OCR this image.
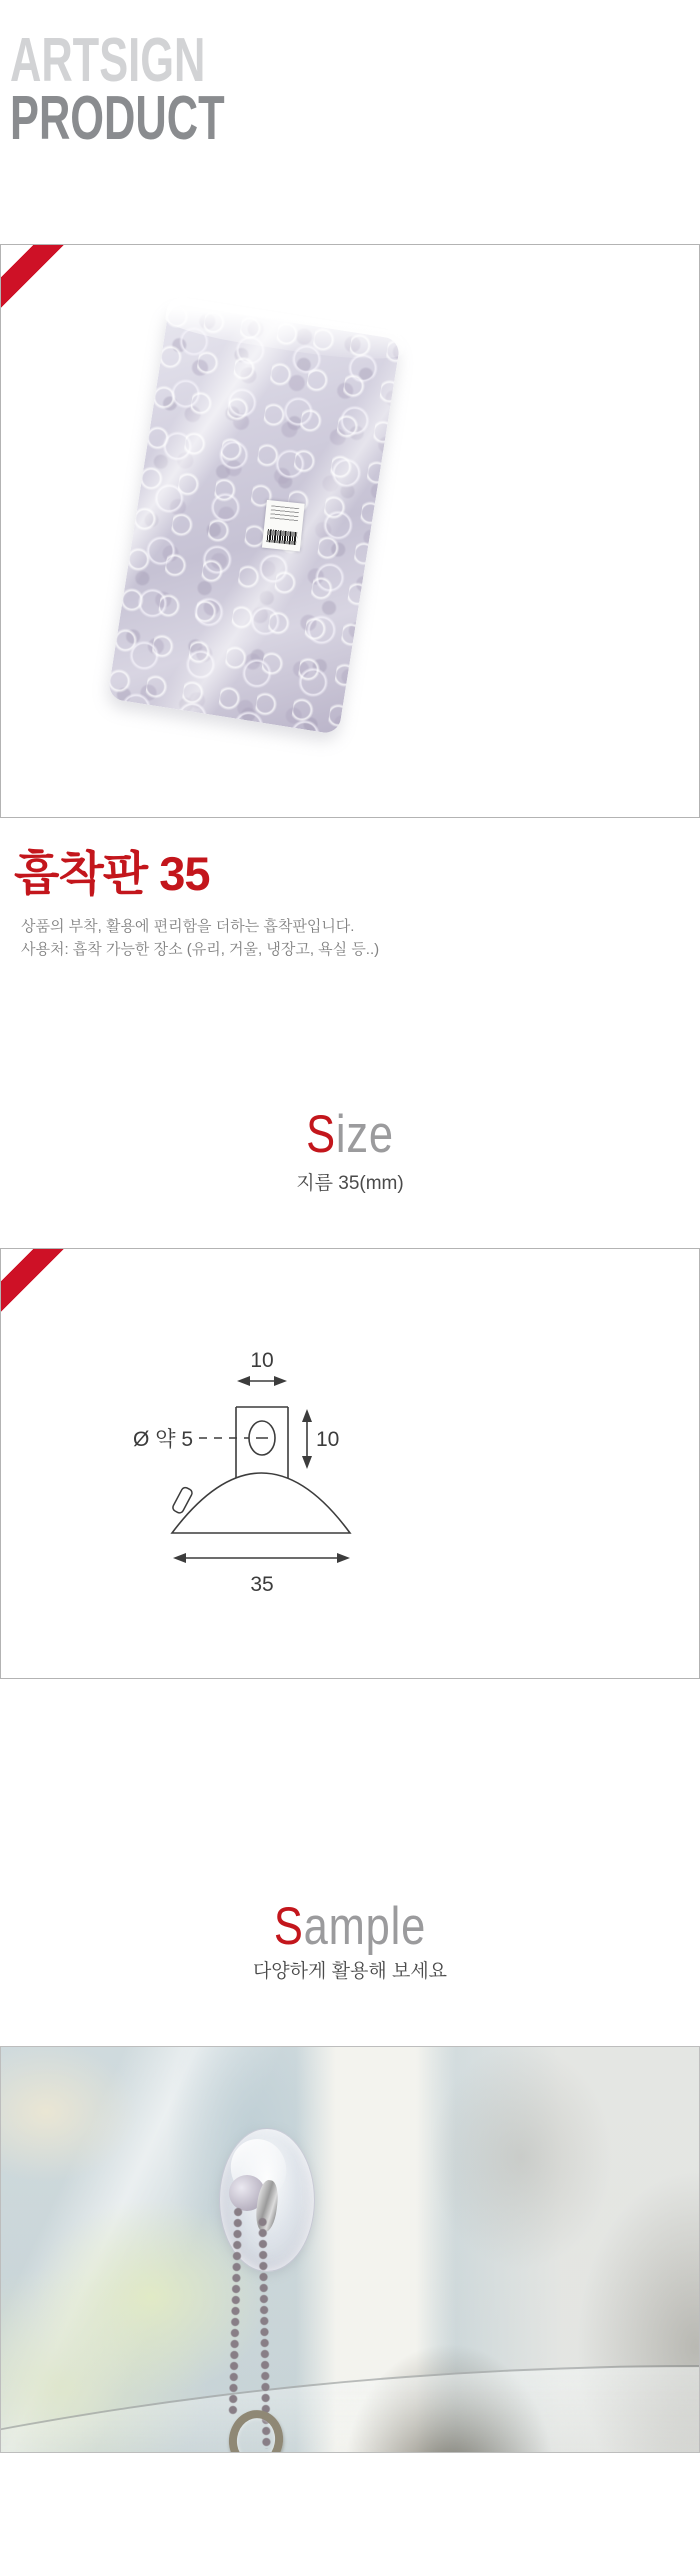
ARTSIGN
PRODUCT
흡착판 35
상품의 부착, 활용에 편리함을 더하는 흡착판입니다.
사용처: 흡착 가능한 장소 (유리, 거울, 냉장고, 욕실 등..)
Size
지름 35(mm)
10
Ø 약 5	10
35
Sample
다양하게 활용해 보세요
